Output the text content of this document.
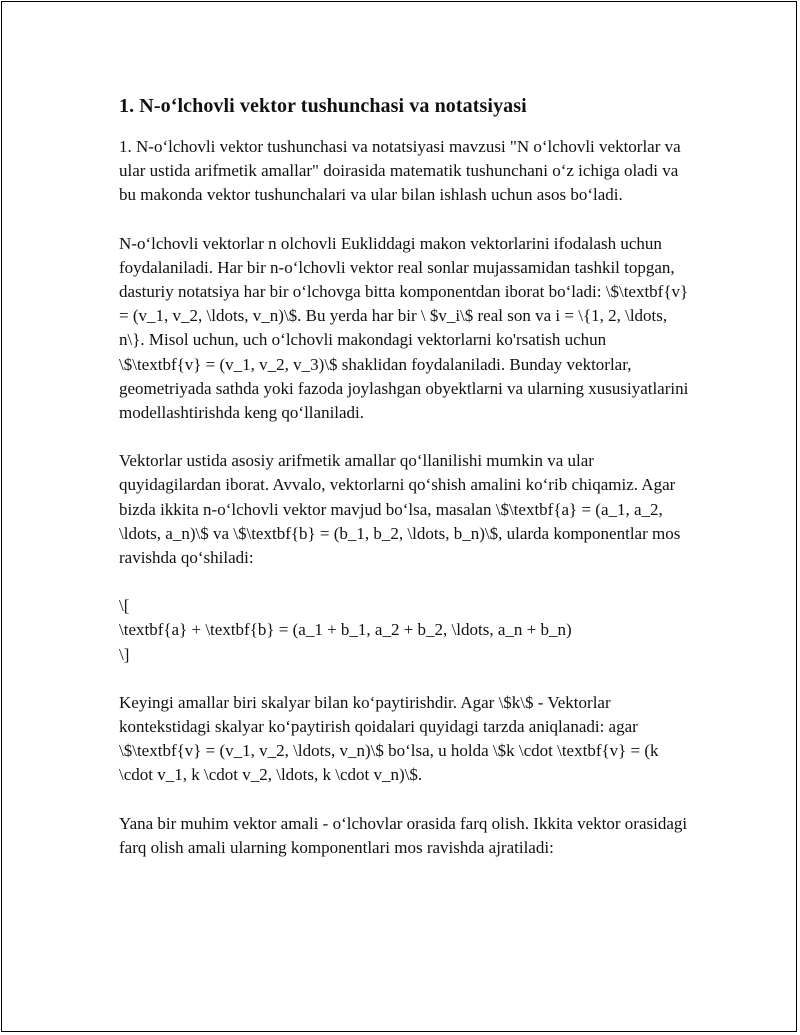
1. N-o‘lchovli vektor tushunchasi va notatsiyasi

1. N-o‘lchovli vektor tushunchasi va notatsiyasi mavzusi "N o‘lchovli vektorlar va ular ustida arifmetik amallar" doirasida matematik tushunchani o‘z ichiga oladi va bu makonda vektor tushunchalari va ular bilan ishlash uchun asos bo‘ladi.

N-o‘lchovli vektorlar n olchovli Eukliddagi makon vektorlarini ifodalash uchun foydalaniladi. Har bir n-o‘lchovli vektor real sonlar mujassamidan tashkil topgan, dasturiy notatsiya har bir o‘lchovga bitta komponentdan iborat bo‘ladi: \$\textbf{v} = (v_1, v_2, \ldots, v_n)\$. Bu yerda har bir \ $v_i\$ real son va i = \{1, 2, \ldots, n\}. Misol uchun, uch o‘lchovli makondagi vektorlarni ko'rsatish uchun \$\textbf{v} = (v_1, v_2, v_3)\$ shaklidan foydalaniladi. Bunday vektorlar, geometriyada sathda yoki fazoda joylashgan obyektlarni va ularning xususiyatlarini modellashtirishda keng qo‘llaniladi.

Vektorlar ustida asosiy arifmetik amallar qo‘llanilishi mumkin va ular quyidagilardan iborat. Avvalo, vektorlarni qo‘shish amalini ko‘rib chiqamiz. Agar bizda ikkita n-o‘lchovli vektor mavjud bo‘lsa, masalan \$\textbf{a} = (a_1, a_2, \ldots, a_n)\$ va \$\textbf{b} = (b_1, b_2, \ldots, b_n)\$, ularda komponentlar mos ravishda qo‘shiladi:

\[
\textbf{a} + \textbf{b} = (a_1 + b_1, a_2 + b_2, \ldots, a_n + b_n)
\]

Keyingi amallar biri skalyar bilan ko‘paytirishdir. Agar \$k\$ - Vektorlar kontekstidagi skalyar ko‘paytirish qoidalari quyidagi tarzda aniqlanadi: agar \$\textbf{v} = (v_1, v_2, \ldots, v_n)\$ bo‘lsa, u holda \$k \cdot \textbf{v} = (k \cdot v_1, k \cdot v_2, \ldots, k \cdot v_n)\$.

Yana bir muhim vektor amali - o‘lchovlar orasida farq olish. Ikkita vektor orasidagi farq olish amali ularning komponentlari mos ravishda ajratiladi:
